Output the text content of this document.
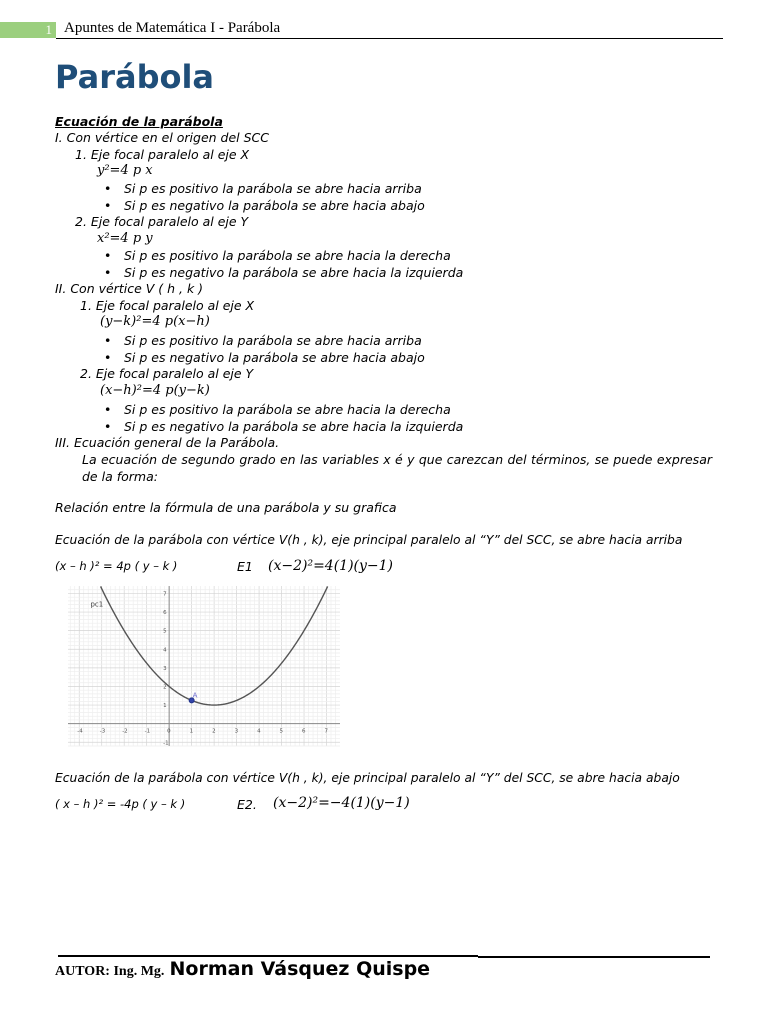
1 Apuntes de Matemática I - Parábola
Parábola
Ecuación de la parábola
I. Con vértice en el origen del SCC
1. Eje focal paralelo al eje X
y²=4 p x
• Si p es positivo la parábola se abre hacia arriba
• Si p es negativo la parábola se abre hacia abajo
2. Eje focal paralelo al eje Y
x²=4 p y
• Si p es positivo la parábola se abre hacia la derecha
• Si p es negativo la parábola se abre hacia la izquierda
II. Con vértice V ( h , k )
1. Eje focal paralelo al eje X
(y−k)²=4 p(x−h)
• Si p es positivo la parábola se abre hacia arriba
• Si p es negativo la parábola se abre hacia abajo
2. Eje focal paralelo al eje Y
(x−h)²=4 p(y−k)
• Si p es positivo la parábola se abre hacia la derecha
• Si p es negativo la parábola se abre hacia la izquierda
III. Ecuación general de la Parábola.
La ecuación de segundo grado en las variables x é y que carezcan del términos, se puede expresar de la forma:
Relación entre la fórmula de una parábola y su grafica
Ecuación de la parábola con vértice V(h , k), eje principal paralelo al “Y” del SCC, se abre hacia arriba
(x – h )² = 4p ( y – k )	E1 (x−2)²=4(1)(y−1)
-4	-3	-2	-1	0	1	2	3	4	5	6	7
-1
1
2
3
4
5
6
7
pc1
A
Ecuación de la parábola con vértice V(h , k), eje principal paralelo al “Y” del SCC, se abre hacia abajo
( x – h )² = -4p ( y – k )	E2. (x−2)²=−4(1)(y−1)
AUTOR: Ing. Mg. Norman Vásquez Quispe
